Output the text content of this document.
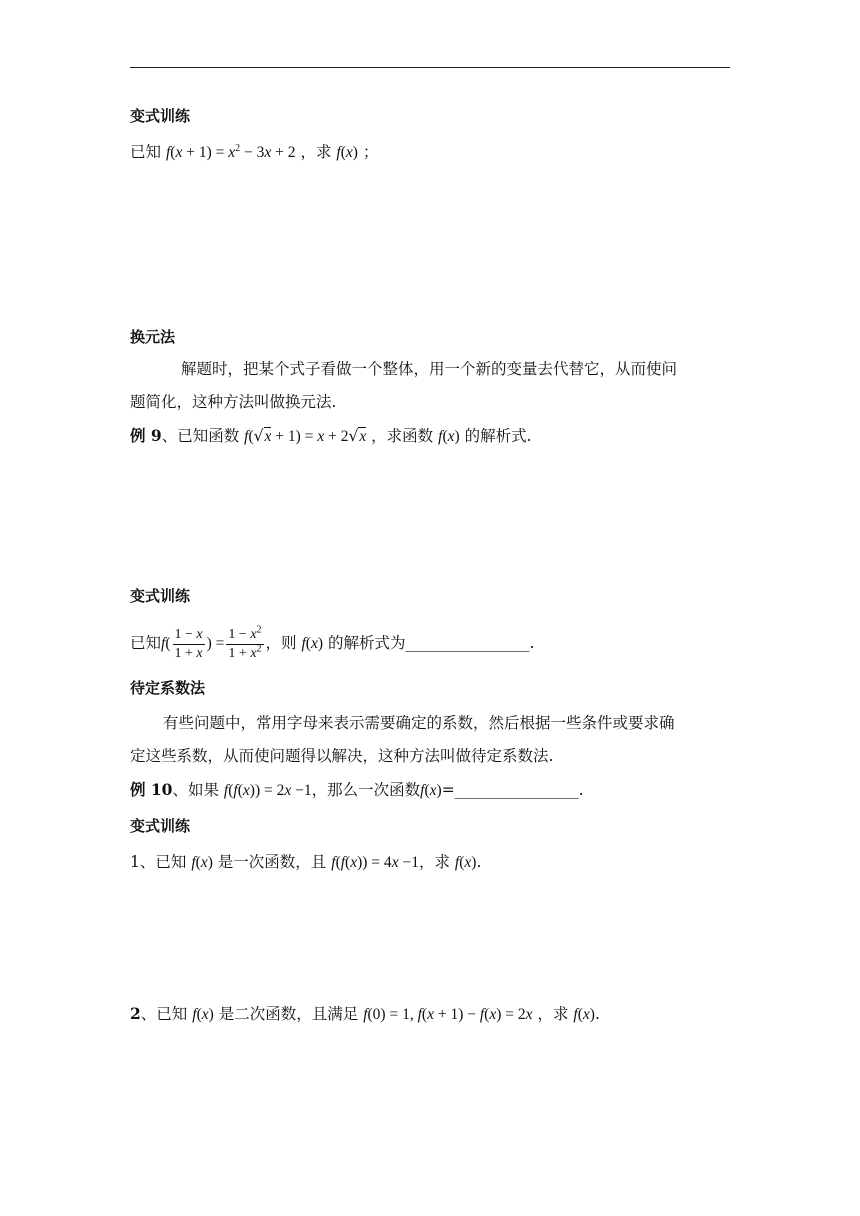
变式训练
已知 $f(x + 1) = x^2 - 3x + 2$ ，求 f(x) ；
换元法
解题时，把某个式子看做一个整体，用一个新的变量去代替它，从而使问
题简化，这种方法叫做换元法.
例 9、已知函数 f(√x + 1) = x + 2√x ，求函数 f(x) 的解析式.
变式训练
已知$f( \frac{1 - x}{1 + x}$ ) = $\frac{1 - x^2}{1 + x^2}$ ，则 f(x) 的解析式为________________.
待定系数法
有些问题中，常用字母来表示需要确定的系数，然后根据一些条件或要求确
定这些系数，从而使问题得以解决，这种方法叫做待定系数法.
例 10、如果 f(f(x)) = 2x −1，那么一次函数f(x)=________________.
变式训练
1、已知 f(x) 是一次函数，且 f(f(x)) = 4x −1，求 f(x).
2、已知 f(x) 是二次函数，且满足 f(0) = 1, f(x + 1) − f(x) = 2x ，求 f(x).
